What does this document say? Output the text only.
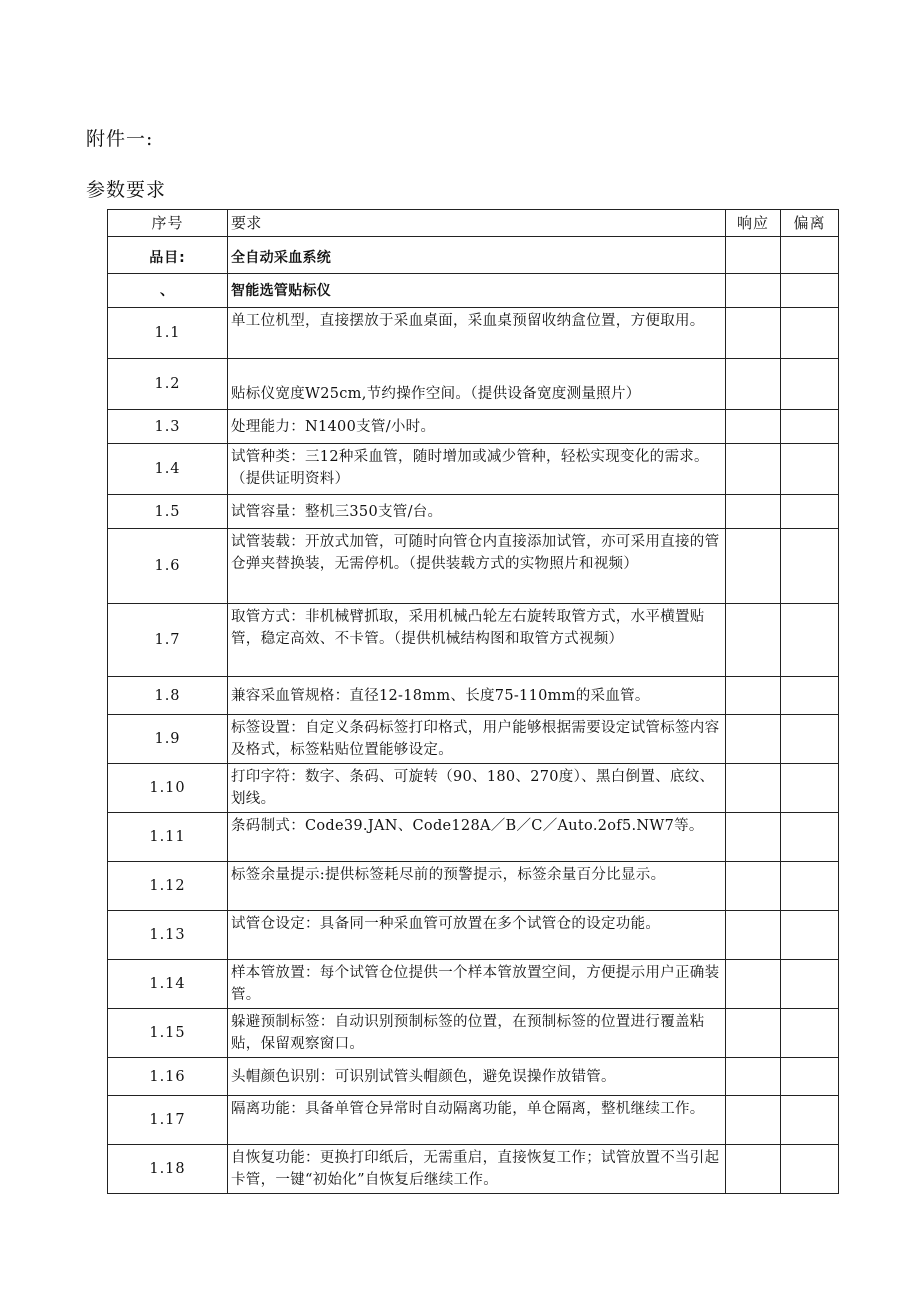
附件一:
参数要求
序号	要求	响应	偏离
品目:	全自动采血系统		
、	智能选管贴标仪		
1.1	单工位机型，直接摆放于采血桌面，采血桌预留收纳盒位置，方便取用。		
1.2	贴标仪宽度W25cm,节约操作空间。（提供设备宽度测量照片）		
1.3	处理能力：N1400支管/小时。		
1.4	试管种类：三12种采血管，随时增加或减少管种，轻松实现变化的需求。（提供证明资料）		
1.5	试管容量：整机三350支管/台。		
1.6	试管装载：开放式加管，可随时向管仓内直接添加试管，亦可采用直接的管仓弹夹替换装，无需停机。（提供装载方式的实物照片和视频）		
1.7	取管方式：非机械臂抓取，采用机械凸轮左右旋转取管方式，水平横置贴管，稳定高效、不卡管。（提供机械结构图和取管方式视频）		
1.8	兼容采血管规格：直径12-18mm、长度75-110mm的采血管。		
1.9	标签设置：自定义条码标签打印格式，用户能够根据需要设定试管标签内容及格式，标签粘贴位置能够设定。		
1.10	打印字符：数字、条码、可旋转（90、180、270度）、黑白倒置、底纹、划线。		
1.11	条码制式：Code39.JAN、Code128A／B／C／Auto.2of5.NW7等。		
1.12	标签余量提示:提供标签耗尽前的预警提示，标签余量百分比显示。		
1.13	试管仓设定：具备同一种采血管可放置在多个试管仓的设定功能。		
1.14	样本管放置：每个试管仓位提供一个样本管放置空间，方便提示用户正确装管。		
1.15	躲避预制标签：自动识别预制标签的位置，在预制标签的位置进行覆盖粘贴，保留观察窗口。		
1.16	头帽颜色识别：可识别试管头帽颜色，避免误操作放错管。		
1.17	隔离功能：具备单管仓异常时自动隔离功能，单仓隔离，整机继续工作。		
1.18	自恢复功能：更换打印纸后，无需重启，直接恢复工作；试管放置不当引起卡管，一键“初始化”自恢复后继续工作。		
